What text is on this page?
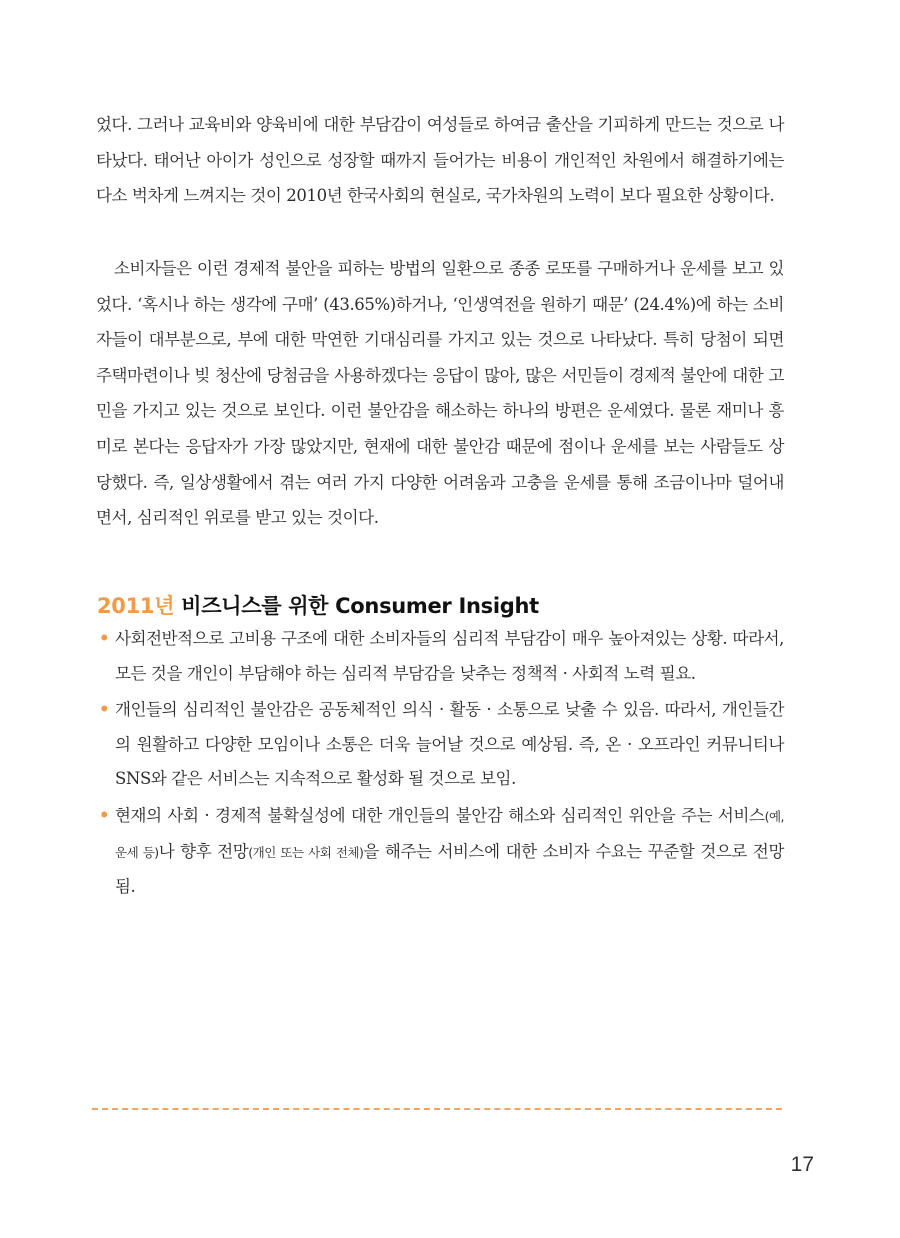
었다. 그러나 교육비와 양육비에 대한 부담감이 여성들로 하여금 출산을 기피하게 만드는 것으로 나타났다. 태어난 아이가 성인으로 성장할 때까지 들어가는 비용이 개인적인 차원에서 해결하기에는 다소 벅차게 느껴지는 것이 2010년 한국사회의 현실로, 국가차원의 노력이 보다 필요한 상황이다.

소비자들은 이런 경제적 불안을 피하는 방법의 일환으로 종종 로또를 구매하거나 운세를 보고 있었다. ‘혹시나 하는 생각에 구매’ (43.65%)하거나, ‘인생역전을 원하기 때문’ (24.4%)에 하는 소비자들이 대부분으로, 부에 대한 막연한 기대심리를 가지고 있는 것으로 나타났다. 특히 당첨이 되면 주택마련이나 빚 청산에 당첨금을 사용하겠다는 응답이 많아, 많은 서민들이 경제적 불안에 대한 고민을 가지고 있는 것으로 보인다. 이런 불안감을 해소하는 하나의 방편은 운세였다. 물론 재미나 흥미로 본다는 응답자가 가장 많았지만, 현재에 대한 불안감 때문에 점이나 운세를 보는 사람들도 상당했다. 즉, 일상생활에서 겪는 여러 가지 다양한 어려움과 고충을 운세를 통해 조금이나마 덜어내면서, 심리적인 위로를 받고 있는 것이다.

2011년 비즈니스를 위한 Consumer Insight
• 사회전반적으로 고비용 구조에 대한 소비자들의 심리적 부담감이 매우 높아져있는 상황. 따라서, 모든 것을 개인이 부담해야 하는 심리적 부담감을 낮추는 정책적 · 사회적 노력 필요.
• 개인들의 심리적인 불안감은 공동체적인 의식 · 활동 · 소통으로 낮출 수 있음. 따라서, 개인들간의 원활하고 다양한 모임이나 소통은 더욱 늘어날 것으로 예상됨. 즉, 온 · 오프라인 커뮤니티나 SNS와 같은 서비스는 지속적으로 활성화 될 것으로 보임.
• 현재의 사회 · 경제적 불확실성에 대한 개인들의 불안감 해소와 심리적인 위안을 주는 서비스(예, 운세 등)나 향후 전망(개인 또는 사회 전체)을 해주는 서비스에 대한 소비자 수요는 꾸준할 것으로 전망됨.
17
